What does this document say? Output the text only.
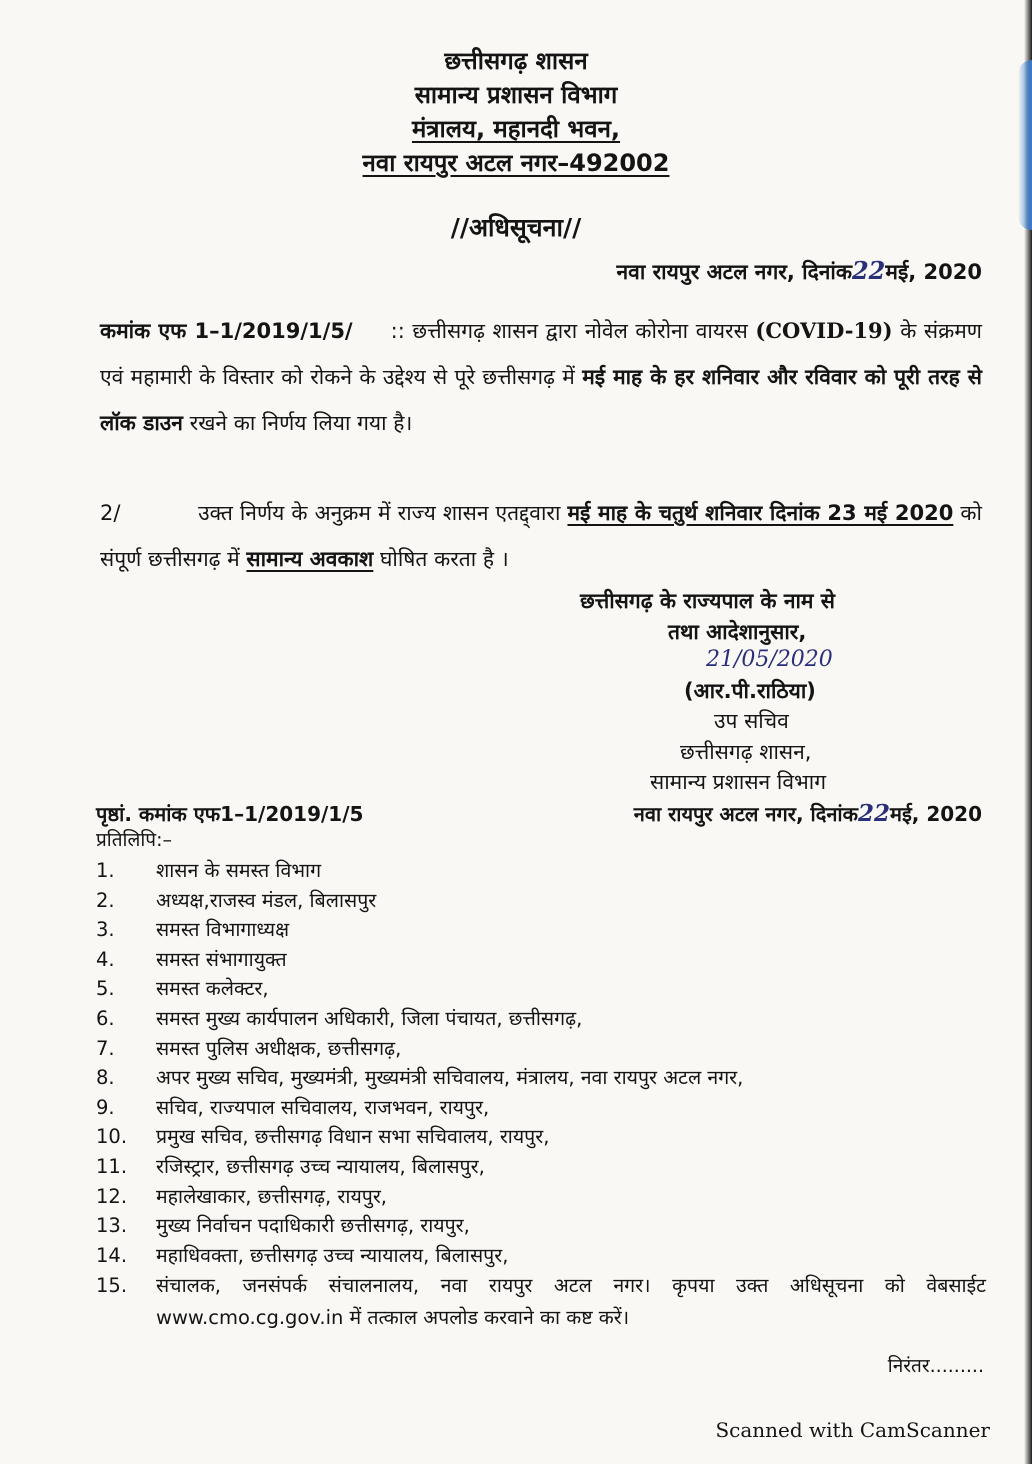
छत्तीसगढ़ शासन
सामान्य प्रशासन विभाग
मंत्रालय, महानदी भवन,
नवा रायपुर अटल नगर–492002
//अधिसूचना//
नवा रायपुर अटल नगर, दिनांक22मई, 2020
कमांक एफ 1–1/2019/1/5/ :: छत्तीसगढ़ शासन द्वारा नोवेल कोरोना वायरस (COVID-19) के संक्रमण एवं महामारी के विस्तार को रोकने के उद्देश्य से पूरे छत्तीसगढ़ में मई माह के हर शनिवार और रविवार को पूरी तरह से लॉक डाउन रखने का निर्णय लिया गया है।
2/	उक्त निर्णय के अनुक्रम में राज्य शासन एतद्द्वारा मई माह के चतुर्थ शनिवार दिनांक 23 मई 2020 को संपूर्ण छत्तीसगढ़ में सामान्य अवकाश घोषित करता है ।
छत्तीसगढ़ के राज्यपाल के नाम से
तथा आदेशानुसार,
21/05/2020
(आर.पी.राठिया)
उप सचिव
छत्तीसगढ़ शासन,
सामान्य प्रशासन विभाग
पृष्ठां. कमांक एफ1–1/2019/1/5	नवा रायपुर अटल नगर, दिनांक22मई, 2020
प्रतिलिपि:–
1.	शासन के समस्त विभाग
2.	अध्यक्ष,राजस्व मंडल, बिलासपुर
3.	समस्त विभागाध्यक्ष
4.	समस्त संभागायुक्त
5.	समस्त कलेक्टर,
6.	समस्त मुख्य कार्यपालन अधिकारी, जिला पंचायत, छत्तीसगढ़,
7.	समस्त पुलिस अधीक्षक, छत्तीसगढ़,
8.	अपर मुख्य सचिव, मुख्यमंत्री, मुख्यमंत्री सचिवालय, मंत्रालय, नवा रायपुर अटल नगर,
9.	सचिव, राज्यपाल सचिवालय, राजभवन, रायपुर,
10.	प्रमुख सचिव, छत्तीसगढ़ विधान सभा सचिवालय, रायपुर,
11.	रजिस्ट्रार, छत्तीसगढ़ उच्च न्यायालय, बिलासपुर,
12.	महालेखाकार, छत्तीसगढ़, रायपुर,
13.	मुख्य निर्वाचन पदाधिकारी छत्तीसगढ़, रायपुर,
14.	महाधिवक्ता, छत्तीसगढ़ उच्च न्यायालय, बिलासपुर,
15.	संचालक, जनसंपर्क संचालनालय, नवा रायपुर अटल नगर। कृपया उक्त अधिसूचना को वेबसाईट www.cmo.cg.gov.in में तत्काल अपलोड करवाने का कष्ट करें।
निरंतर.........
Scanned with CamScanner
